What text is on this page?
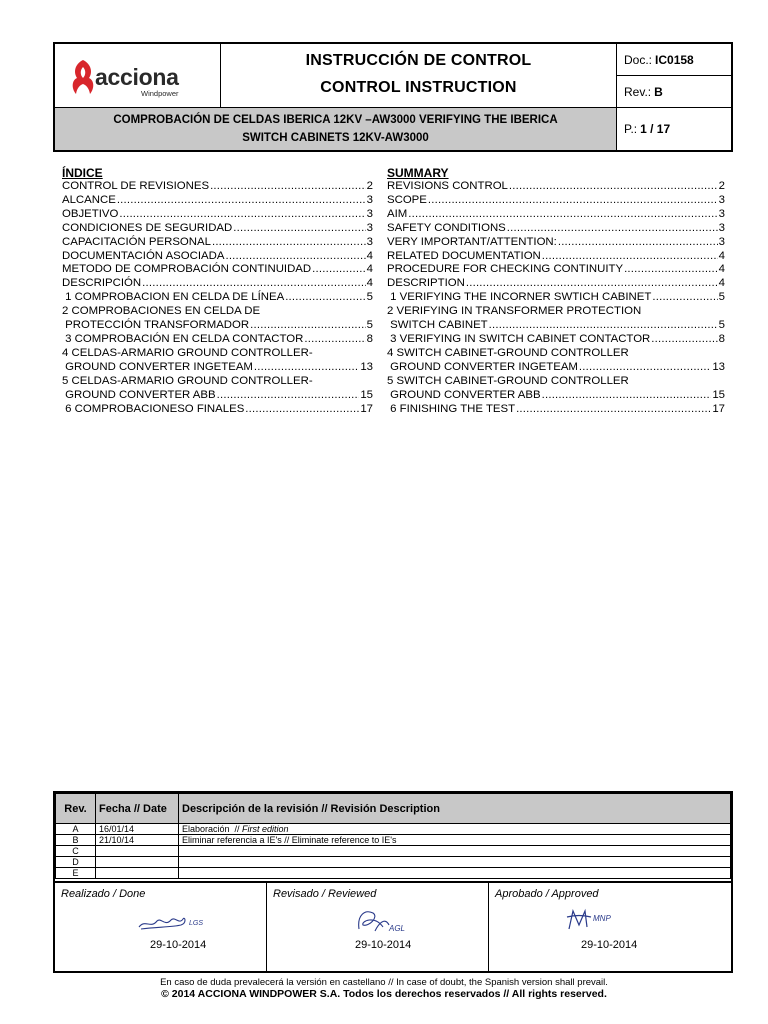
acciona
Windpower
INSTRUCCIÓN DE CONTROL
CONTROL INSTRUCTION
Doc.: IC0158
Rev.: B
P.: 1 / 17
COMPROBACIÓN DE CELDAS IBERICA 12KV –AW3000 VERIFYING THE IBERICA
SWITCH CABINETS 12KV-AW3000
ÍNDICE
CONTROL DE REVISIONES .....	2
ALCANCE .....	3
OBJETIVO .....	3
CONDICIONES DE SEGURIDAD .....	3
CAPACITACIÓN PERSONAL .....	3
DOCUMENTACIÓN ASOCIADA .....	4
METODO DE COMPROBACIÓN CONTINUIDAD .....	4
DESCRIPCIÓN .....	4
1 COMPROBACION EN CELDA DE LÍNEA .....	5
2 COMPROBACIONES EN CELDA DE
PROTECCIÓN TRANSFORMADOR .....	5
3 COMPROBACIÓN EN CELDA CONTACTOR .....	8
4 CELDAS-ARMARIO GROUND CONTROLLER-
GROUND CONVERTER INGETEAM .....	13
5 CELDAS-ARMARIO GROUND CONTROLLER-
GROUND CONVERTER ABB .....	15
6 COMPROBACIONESO FINALES .....	17
SUMMARY
REVISIONS CONTROL .....	2
SCOPE .....	3
AIM .....	3
SAFETY CONDITIONS .....	3
VERY IMPORTANT/ATTENTION: .....	3
RELATED DOCUMENTATION .....	4
PROCEDURE FOR CHECKING CONTINUITY .....	4
DESCRIPTION .....	4
1 VERIFYING THE INCORNER SWTICH CABINET .....	5
2 VERIFYING IN TRANSFORMER PROTECTION
SWITCH CABINET .....	5
3 VERIFYING IN SWITCH CABINET CONTACTOR .....	8
4 SWITCH CABINET-GROUND CONTROLLER
GROUND CONVERTER INGETEAM .....	13
5 SWITCH CABINET-GROUND CONTROLLER
GROUND CONVERTER ABB .....	15
6 FINISHING THE TEST .....	17
Rev.	Fecha // Date	Descripción de la revisión // Revisión Description
A	16/01/14	Elaboración  // First edition
B	21/10/14	Eliminar referencia a IE's // Eliminate reference to IE's
C		
D		
E		
Realizado / Done
LGS
29-10-2014
Revisado / Reviewed
AGL
29-10-2014
Aprobado / Approved
MNP
29-10-2014
En caso de duda prevalecerá la versión en castellano // In case of doubt, the Spanish version shall prevail.
© 2014 ACCIONA WINDPOWER S.A. Todos los derechos reservados // All rights reserved.
